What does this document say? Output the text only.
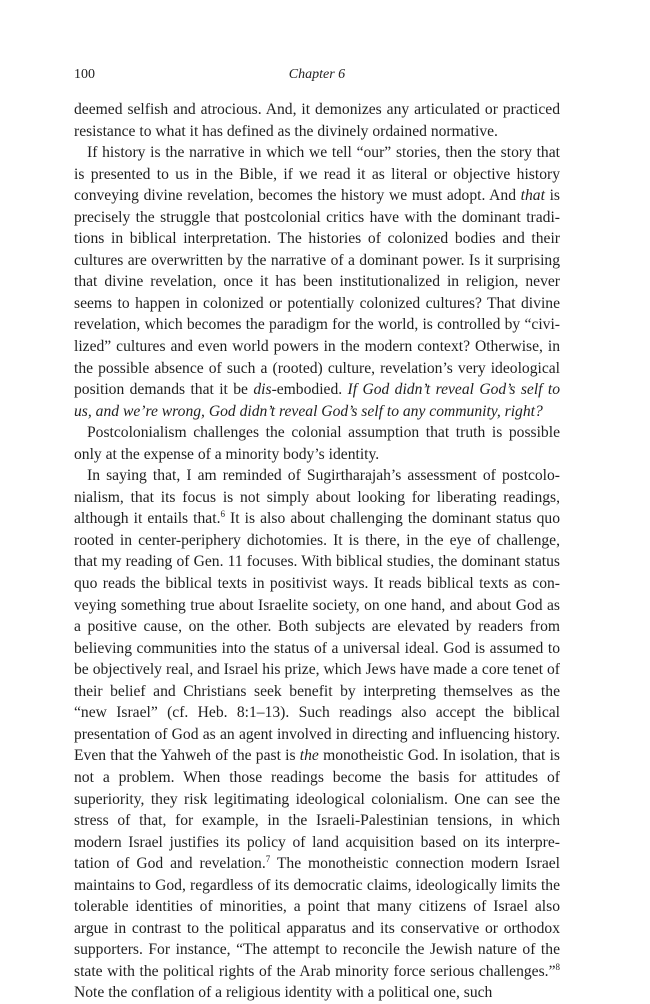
100	Chapter 6

deemed selfish and atrocious. And, it demonizes any articulated or practiced resistance to what it has defined as the divinely ordained normative.

If history is the narrative in which we tell “our” stories, then the story that is presented to us in the Bible, if we read it as literal or objective history conveying divine revelation, becomes the history we must adopt. And that is precisely the struggle that postcolonial critics have with the dominant traditions in biblical interpretation. The histories of colonized bodies and their cultures are overwritten by the narrative of a dominant power. Is it surprising that divine revelation, once it has been institutionalized in religion, never seems to happen in colonized or potentially colonized cultures? That divine revelation, which becomes the paradigm for the world, is controlled by “civilized” cultures and even world powers in the modern context? Otherwise, in the possible absence of such a (rooted) culture, revelation’s very ideological position demands that it be dis-embodied. If God didn’t reveal God’s self to us, and we’re wrong, God didn’t reveal God’s self to any community, right?

Postcolonialism challenges the colonial assumption that truth is possible only at the expense of a minority body’s identity.

In saying that, I am reminded of Sugirtharajah’s assessment of postcolonialism, that its focus is not simply about looking for liberating readings, although it entails that.$^6$ It is also about challenging the dominant status quo rooted in center-periphery dichotomies. It is there, in the eye of challenge, that my reading of Gen. 11 focuses. With biblical studies, the dominant status quo reads the biblical texts in positivist ways. It reads biblical texts as conveying something true about Israelite society, on one hand, and about God as a positive cause, on the other. Both subjects are elevated by readers from believing communities into the status of a universal ideal. God is assumed to be objectively real, and Israel his prize, which Jews have made a core tenet of their belief and Christians seek benefit by interpreting themselves as the “new Israel” (cf. Heb. 8:1–13). Such readings also accept the biblical presentation of God as an agent involved in directing and influencing history. Even that the Yahweh of the past is the monotheistic God. In isolation, that is not a problem. When those readings become the basis for attitudes of superiority, they risk legitimating ideological colonialism. One can see the stress of that, for example, in the Israeli-Palestinian tensions, in which modern Israel justifies its policy of land acquisition based on its interpretation of God and revelation.$^7$ The monotheistic connection modern Israel maintains to God, regardless of its democratic claims, ideologically limits the tolerable identities of minorities, a point that many citizens of Israel also argue in contrast to the political apparatus and its conservative or orthodox supporters. For instance, “The attempt to reconcile the Jewish nature of the state with the political rights of the Arab minority force serious challenges.”$^8$ Note the conflation of a religious identity with a political one, such
